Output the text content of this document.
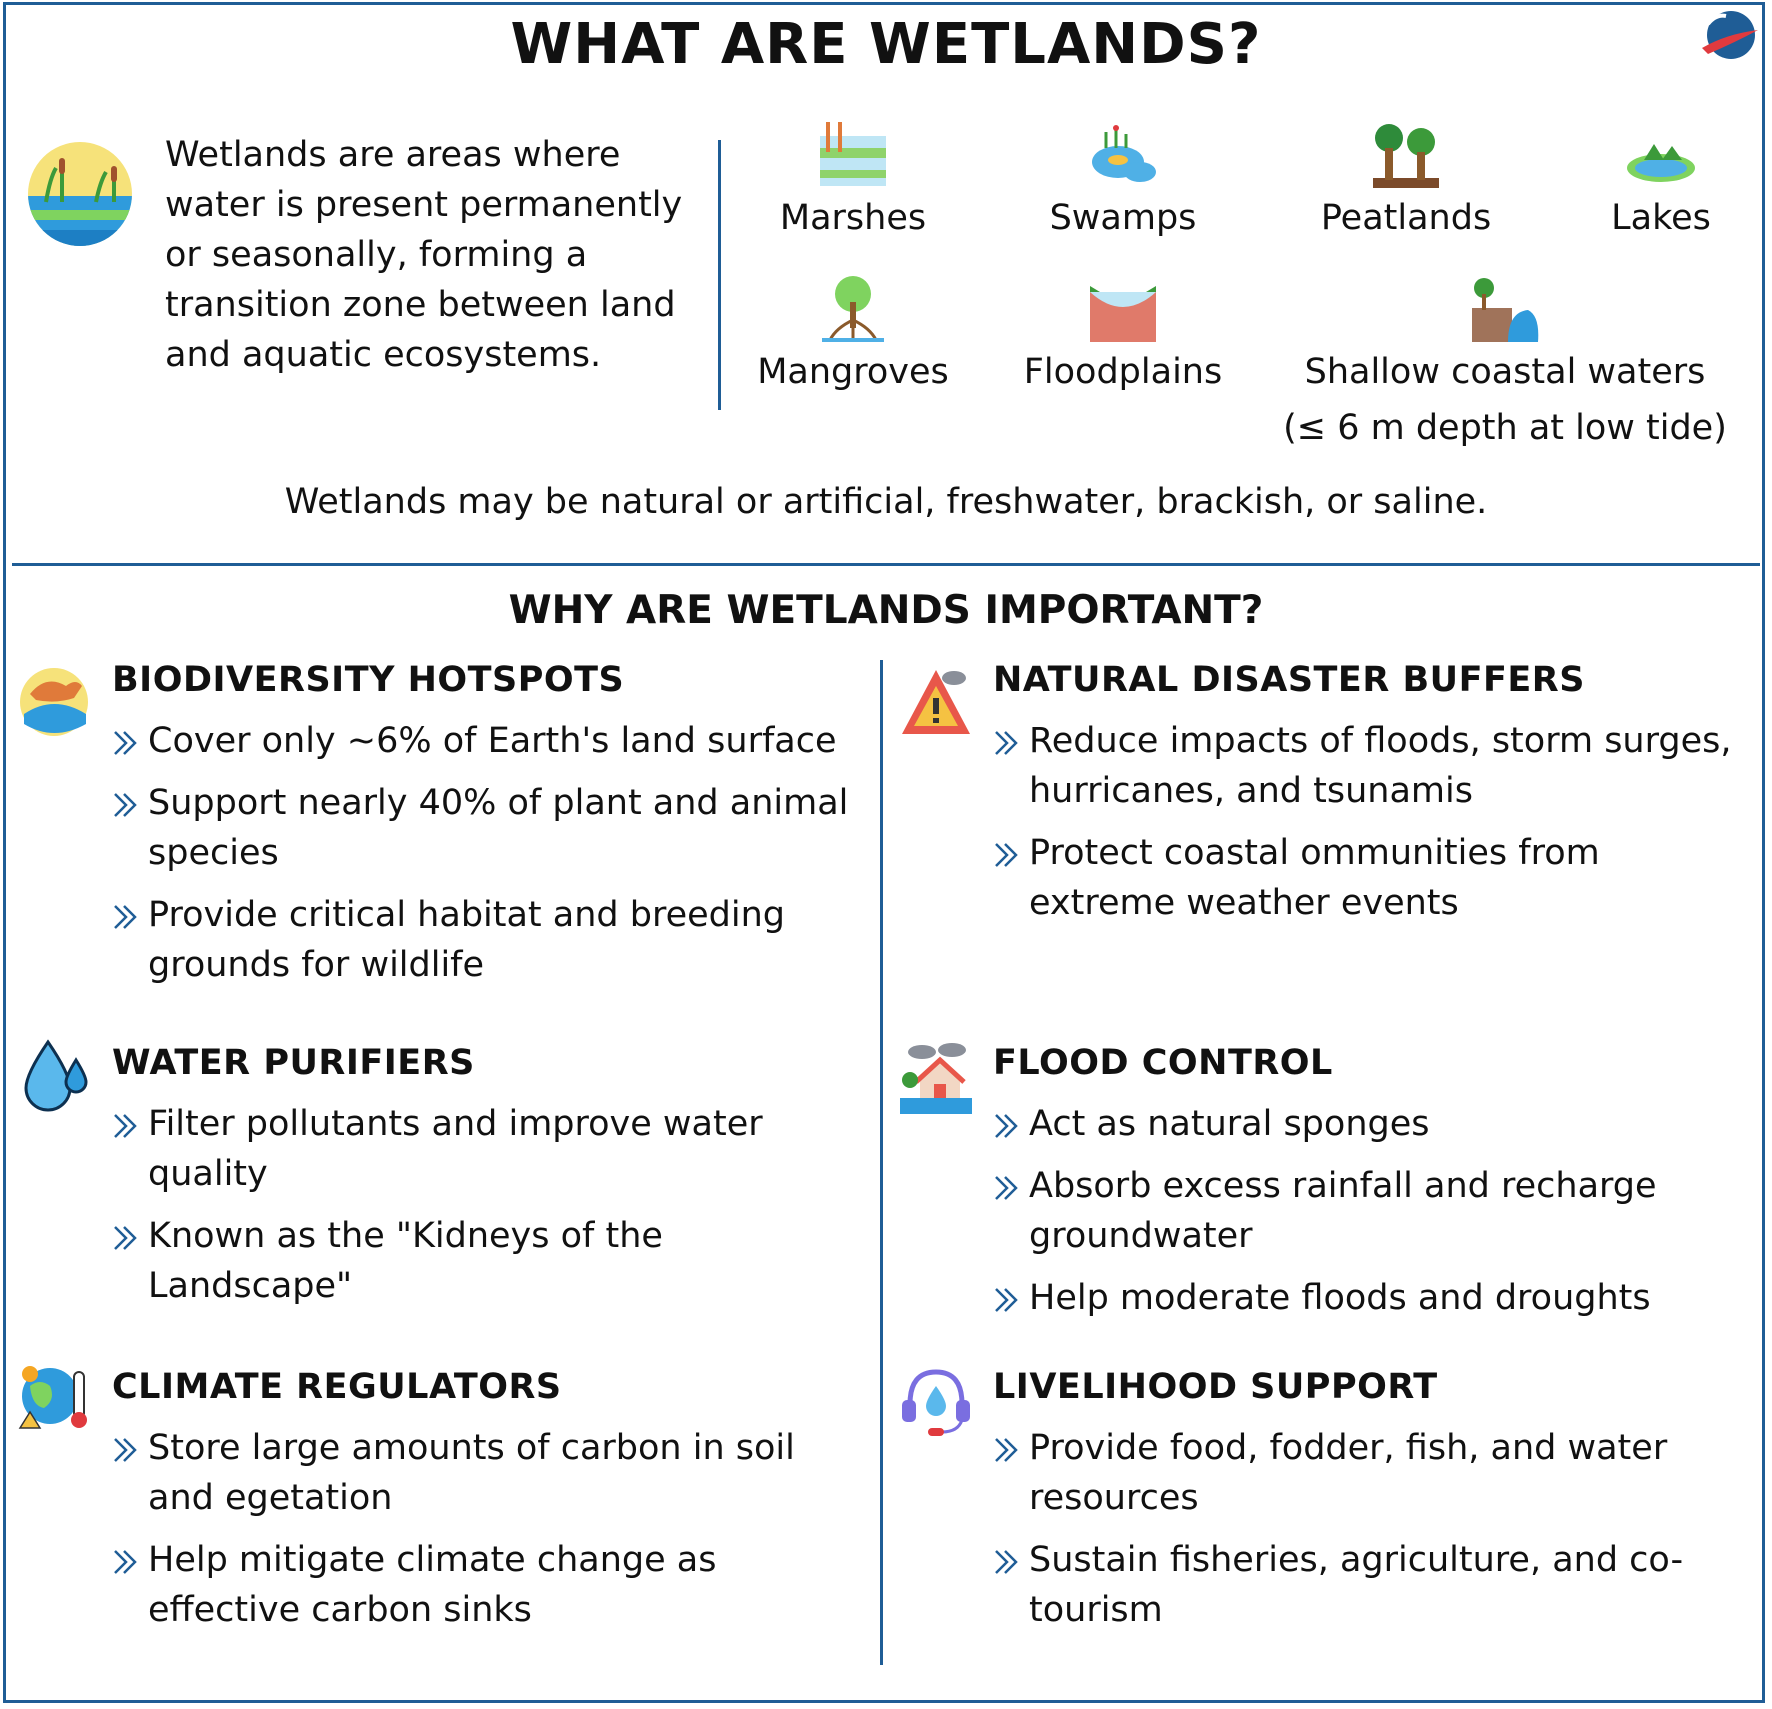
WHAT ARE WETLANDS?
Wetlands are areas where water is present permanently or seasonally, forming a transition zone between land and aquatic ecosystems.
Marshes	Swamps	Peatlands	Lakes
Mangroves	Floodplains	Shallow coastal waters
(≤ 6 m depth at low tide)
Wetlands may be natural or artificial, freshwater, brackish, or saline.
WHY ARE WETLANDS IMPORTANT?
BIODIVERSITY HOTSPOTS
Cover only ~6% of Earth's land surface
Support nearly 40% of plant and animal species
Provide critical habitat and breeding grounds for wildlife
WATER PURIFIERS
Filter pollutants and improve water quality
Known as the "Kidneys of the Landscape"
CLIMATE REGULATORS
Store large amounts of carbon in soil and egetation
Help mitigate climate change as effective carbon sinks
NATURAL DISASTER BUFFERS
Reduce impacts of floods, storm surges, hurricanes, and tsunamis
Protect coastal ommunities from extreme weather events
FLOOD CONTROL
Act as natural sponges
Absorb excess rainfall and recharge groundwater
Help moderate floods and droughts
LIVELIHOOD SUPPORT
Provide food, fodder, fish, and water resources
Sustain fisheries, agriculture, and co-tourism
